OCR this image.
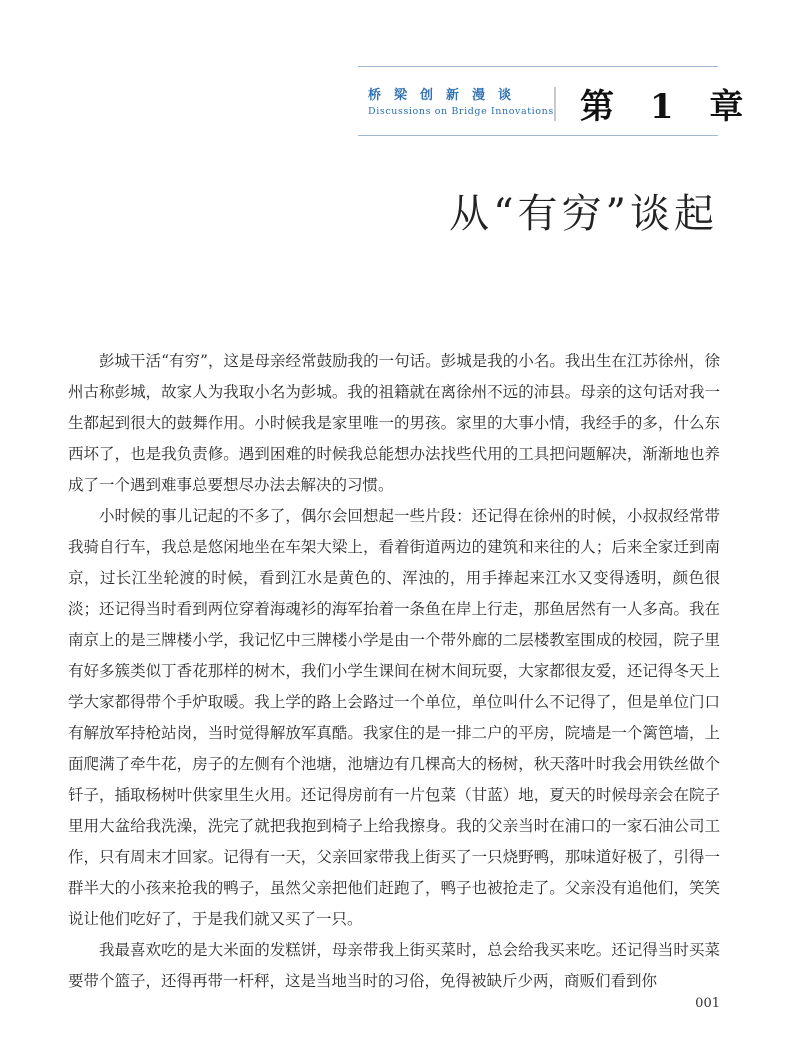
桥梁创新漫谈
Discussions on Bridge Innovations 第 1 章
从“有穷”谈起

彭城干活“有穷”，这是母亲经常鼓励我的一句话。彭城是我的小名。我出生在江苏徐州，徐州古称彭城，故家人为我取小名为彭城。我的祖籍就在离徐州不远的沛县。母亲的这句话对我一生都起到很大的鼓舞作用。小时候我是家里唯一的男孩。家里的大事小情，我经手的多，什么东西坏了，也是我负责修。遇到困难的时候我总能想办法找些代用的工具把问题解决，渐渐地也养成了一个遇到难事总要想尽办法去解决的习惯。

小时候的事儿记起的不多了，偶尔会回想起一些片段：还记得在徐州的时候，小叔叔经常带我骑自行车，我总是悠闲地坐在车架大梁上，看着街道两边的建筑和来往的人；后来全家迁到南京，过长江坐轮渡的时候，看到江水是黄色的、浑浊的，用手捧起来江水又变得透明，颜色很淡；还记得当时看到两位穿着海魂衫的海军抬着一条鱼在岸上行走，那鱼居然有一人多高。我在南京上的是三牌楼小学，我记忆中三牌楼小学是由一个带外廊的二层楼教室围成的校园，院子里有好多簇类似丁香花那样的树木，我们小学生课间在树木间玩耍，大家都很友爱，还记得冬天上学大家都得带个手炉取暖。我上学的路上会路过一个单位，单位叫什么不记得了，但是单位门口有解放军持枪站岗，当时觉得解放军真酷。我家住的是一排二户的平房，院墙是一个篱笆墙，上面爬满了牵牛花，房子的左侧有个池塘，池塘边有几棵高大的杨树，秋天落叶时我会用铁丝做个钎子，插取杨树叶供家里生火用。还记得房前有一片包菜（甘蓝）地，夏天的时候母亲会在院子里用大盆给我洗澡，洗完了就把我抱到椅子上给我擦身。我的父亲当时在浦口的一家石油公司工作，只有周末才回家。记得有一天，父亲回家带我上街买了一只烧野鸭，那味道好极了，引得一群半大的小孩来抢我的鸭子，虽然父亲把他们赶跑了，鸭子也被抢走了。父亲没有追他们，笑笑说让他们吃好了，于是我们就又买了一只。

我最喜欢吃的是大米面的发糕饼，母亲带我上街买菜时，总会给我买来吃。还记得当时买菜要带个篮子，还得再带一杆秤，这是当地当时的习俗，免得被缺斤少两，商贩们看到你

001
